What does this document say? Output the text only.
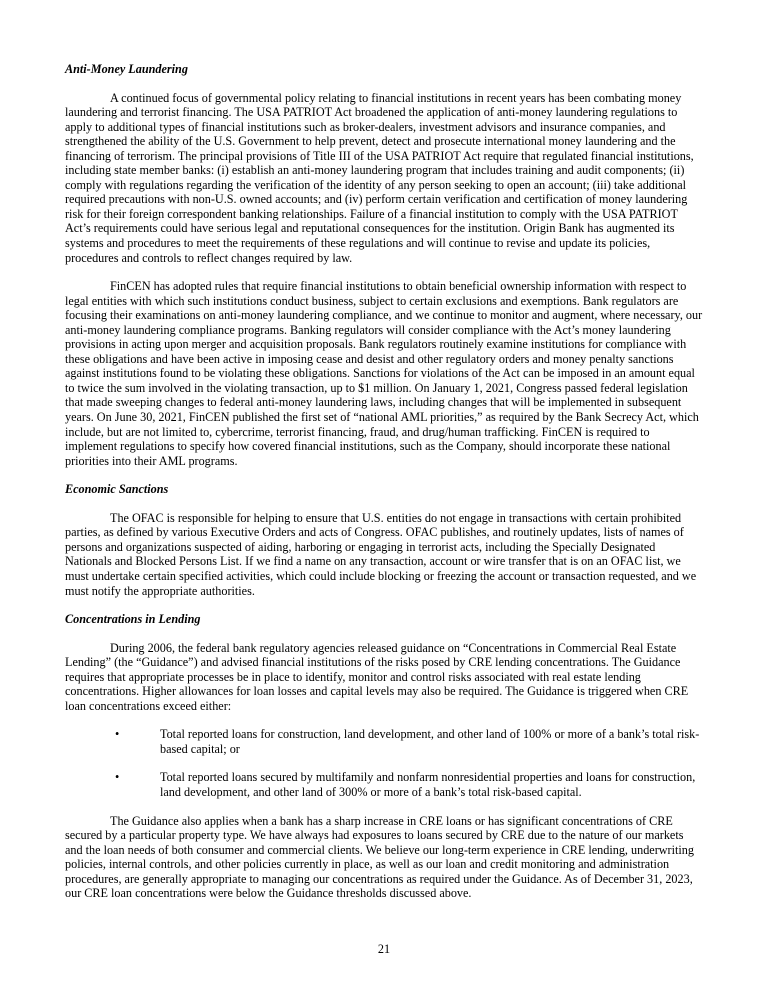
Anti-Money Laundering

A continued focus of governmental policy relating to financial institutions in recent years has been combating money laundering and terrorist financing. The USA PATRIOT Act broadened the application of anti-money laundering regulations to apply to additional types of financial institutions such as broker-dealers, investment advisors and insurance companies, and strengthened the ability of the U.S. Government to help prevent, detect and prosecute international money laundering and the financing of terrorism. The principal provisions of Title III of the USA PATRIOT Act require that regulated financial institutions, including state member banks: (i) establish an anti-money laundering program that includes training and audit components; (ii) comply with regulations regarding the verification of the identity of any person seeking to open an account; (iii) take additional required precautions with non-U.S. owned accounts; and (iv) perform certain verification and certification of money laundering risk for their foreign correspondent banking relationships. Failure of a financial institution to comply with the USA PATRIOT Act’s requirements could have serious legal and reputational consequences for the institution. Origin Bank has augmented its systems and procedures to meet the requirements of these regulations and will continue to revise and update its policies, procedures and controls to reflect changes required by law.

FinCEN has adopted rules that require financial institutions to obtain beneficial ownership information with respect to legal entities with which such institutions conduct business, subject to certain exclusions and exemptions. Bank regulators are focusing their examinations on anti-money laundering compliance, and we continue to monitor and augment, where necessary, our anti-money laundering compliance programs. Banking regulators will consider compliance with the Act’s money laundering provisions in acting upon merger and acquisition proposals. Bank regulators routinely examine institutions for compliance with these obligations and have been active in imposing cease and desist and other regulatory orders and money penalty sanctions against institutions found to be violating these obligations. Sanctions for violations of the Act can be imposed in an amount equal to twice the sum involved in the violating transaction, up to $1 million. On January 1, 2021, Congress passed federal legislation that made sweeping changes to federal anti-money laundering laws, including changes that will be implemented in subsequent years. On June 30, 2021, FinCEN published the first set of “national AML priorities,” as required by the Bank Secrecy Act, which include, but are not limited to, cybercrime, terrorist financing, fraud, and drug/human trafficking. FinCEN is required to implement regulations to specify how covered financial institutions, such as the Company, should incorporate these national priorities into their AML programs.

Economic Sanctions

The OFAC is responsible for helping to ensure that U.S. entities do not engage in transactions with certain prohibited parties, as defined by various Executive Orders and acts of Congress. OFAC publishes, and routinely updates, lists of names of persons and organizations suspected of aiding, harboring or engaging in terrorist acts, including the Specially Designated Nationals and Blocked Persons List. If we find a name on any transaction, account or wire transfer that is on an OFAC list, we must undertake certain specified activities, which could include blocking or freezing the account or transaction requested, and we must notify the appropriate authorities.

Concentrations in Lending

During 2006, the federal bank regulatory agencies released guidance on “Concentrations in Commercial Real Estate Lending” (the “Guidance”) and advised financial institutions of the risks posed by CRE lending concentrations. The Guidance requires that appropriate processes be in place to identify, monitor and control risks associated with real estate lending concentrations. Higher allowances for loan losses and capital levels may also be required. The Guidance is triggered when CRE loan concentrations exceed either:

•	Total reported loans for construction, land development, and other land of 100% or more of a bank’s total risk-based capital; or
•	Total reported loans secured by multifamily and nonfarm nonresidential properties and loans for construction, land development, and other land of 300% or more of a bank’s total risk-based capital.

The Guidance also applies when a bank has a sharp increase in CRE loans or has significant concentrations of CRE secured by a particular property type. We have always had exposures to loans secured by CRE due to the nature of our markets and the loan needs of both consumer and commercial clients. We believe our long-term experience in CRE lending, underwriting policies, internal controls, and other policies currently in place, as well as our loan and credit monitoring and administration procedures, are generally appropriate to managing our concentrations as required under the Guidance. As of December 31, 2023, our CRE loan concentrations were below the Guidance thresholds discussed above.

21
